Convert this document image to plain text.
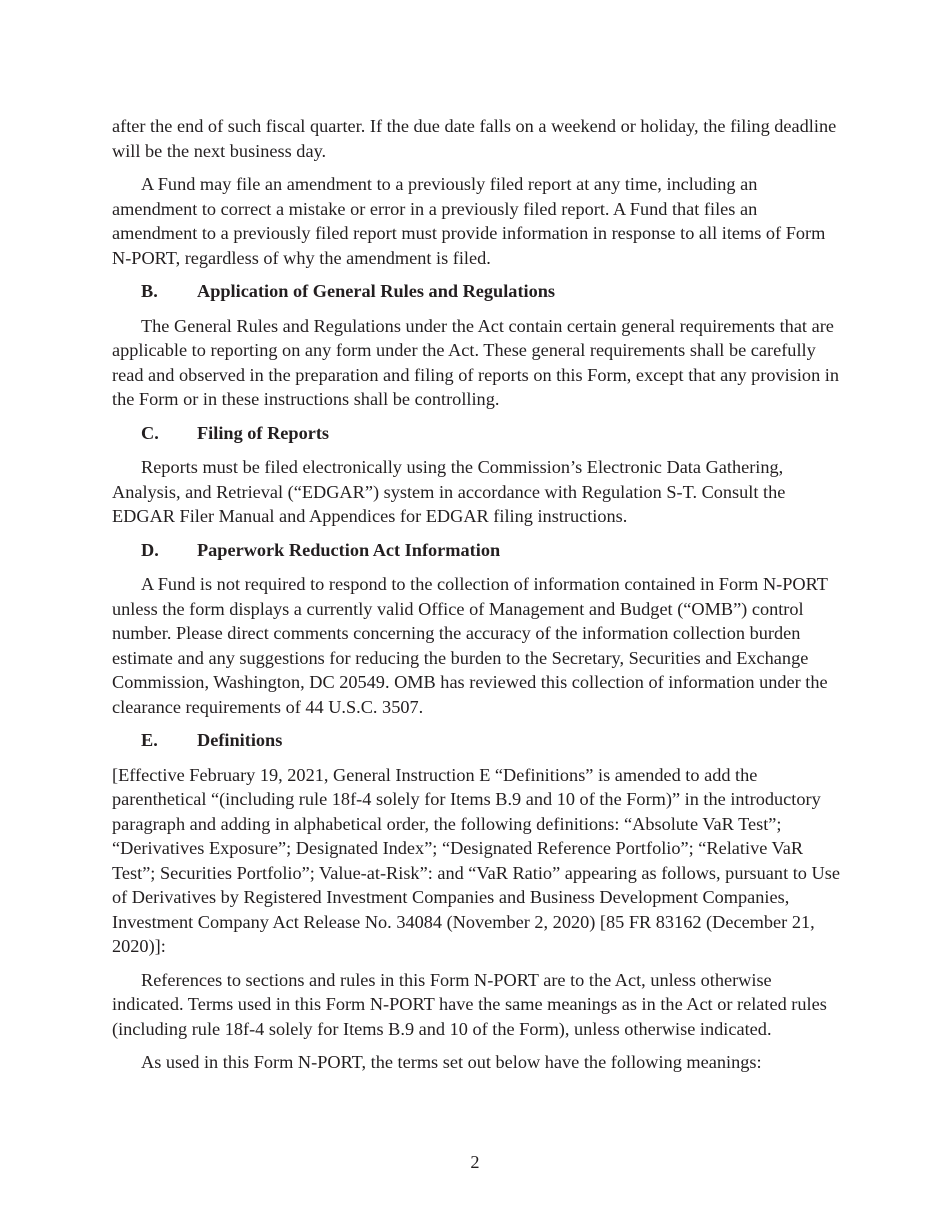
after the end of such fiscal quarter. If the due date falls on a weekend or holiday, the filing deadline will be the next business day.

A Fund may file an amendment to a previously filed report at any time, including an amendment to correct a mistake or error in a previously filed report. A Fund that files an amendment to a previously filed report must provide information in response to all items of Form N-PORT, regardless of why the amendment is filed.

B.	Application of General Rules and Regulations

The General Rules and Regulations under the Act contain certain general requirements that are applicable to reporting on any form under the Act. These general requirements shall be carefully read and observed in the preparation and filing of reports on this Form, except that any provision in the Form or in these instructions shall be controlling.

C.	Filing of Reports

Reports must be filed electronically using the Commission’s Electronic Data Gathering, Analysis, and Retrieval (“EDGAR”) system in accordance with Regulation S-T. Consult the EDGAR Filer Manual and Appendices for EDGAR filing instructions.

D.	Paperwork Reduction Act Information

A Fund is not required to respond to the collection of information contained in Form N-PORT unless the form displays a currently valid Office of Management and Budget (“OMB”) control number. Please direct comments concerning the accuracy of the information collection burden estimate and any suggestions for reducing the burden to the Secretary, Securities and Exchange Commission, Washington, DC 20549. OMB has reviewed this collection of information under the clearance requirements of 44 U.S.C. 3507.

E.	Definitions

[Effective February 19, 2021, General Instruction E “Definitions” is amended to add the parenthetical “(including rule 18f-4 solely for Items B.9 and 10 of the Form)” in the introductory paragraph and adding in alphabetical order, the following definitions: “Absolute VaR Test”; “Derivatives Exposure”; Designated Index”; “Designated Reference Portfolio”; “Relative VaR Test”; Securities Portfolio”; Value-at-Risk”: and “VaR Ratio” appearing as follows, pursuant to Use of Derivatives by Registered Investment Companies and Business Development Companies, Investment Company Act Release No. 34084 (November 2, 2020) [85 FR 83162 (December 21, 2020)]:

References to sections and rules in this Form N-PORT are to the Act, unless otherwise indicated. Terms used in this Form N-PORT have the same meanings as in the Act or related rules (including rule 18f-4 solely for Items B.9 and 10 of the Form), unless otherwise indicated.

As used in this Form N-PORT, the terms set out below have the following meanings:

2
